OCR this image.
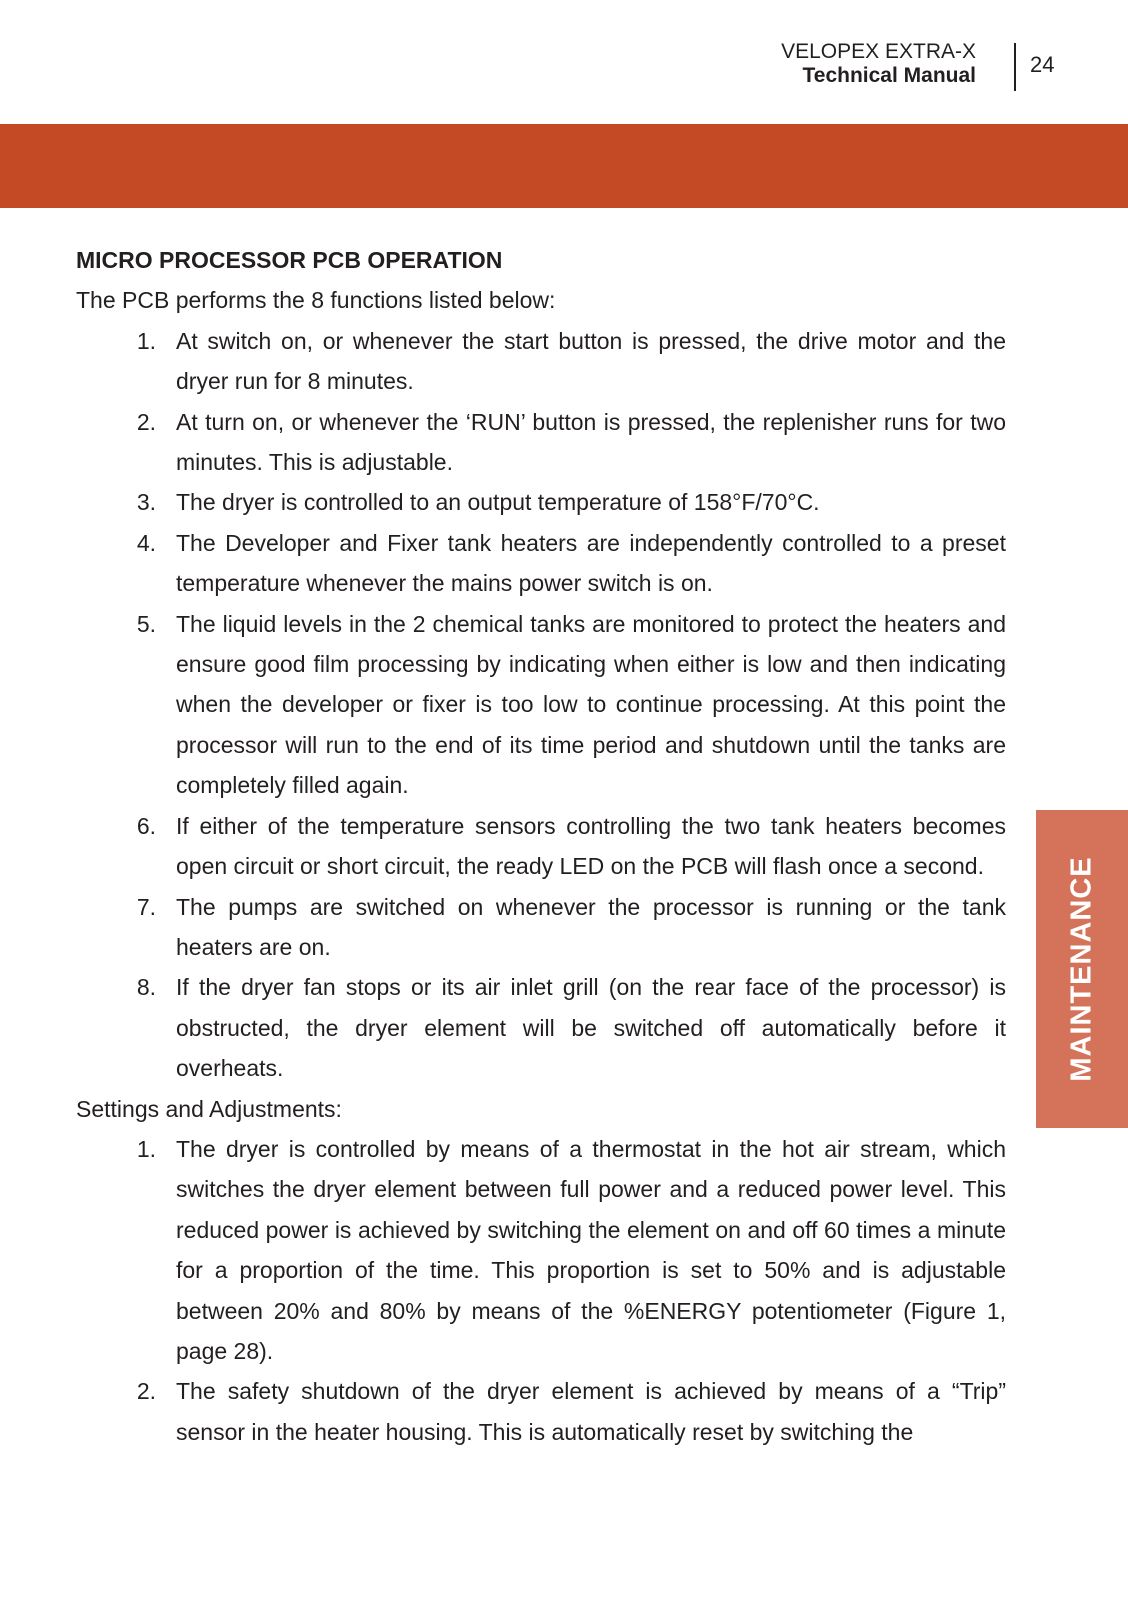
VELOPEX EXTRA-X
Technical Manual 24
MAINTENANCE
MICRO PROCESSOR PCB OPERATION

The PCB performs the 8 functions listed below:

1. At switch on, or whenever the start button is pressed, the drive motor and the dryer run for 8 minutes.
2. At turn on, or whenever the ‘RUN’ button is pressed, the replenisher runs for two minutes. This is adjustable.
3. The dryer is controlled to an output temperature of 158°F/70°C.
4. The Developer and Fixer tank heaters are independently controlled to a preset temperature whenever the mains power switch is on.
5. The liquid levels in the 2 chemical tanks are monitored to protect the heaters and ensure good film processing by indicating when either is low and then indicating when the developer or fixer is too low to continue processing. At this point the processor will run to the end of its time period and shutdown until the tanks are completely filled again.
6. If either of the temperature sensors controlling the two tank heaters becomes open circuit or short circuit, the ready LED on the PCB will flash once a second.
7. The pumps are switched on whenever the processor is running or the tank heaters are on.
8. If the dryer fan stops or its air inlet grill (on the rear face of the processor) is obstructed, the dryer element will be switched off automatically before it overheats.

Settings and Adjustments:

1. The dryer is controlled by means of a thermostat in the hot air stream, which switches the dryer element between full power and a reduced power level. This reduced power is achieved by switching the element on and off 60 times a minute for a proportion of the time. This proportion is set to 50% and is adjustable between 20% and 80% by means of the %ENERGY potentiometer (Figure 1, page 28).
2. The safety shutdown of the dryer element is achieved by means of a “Trip” sensor in the heater housing. This is automatically reset by switching the
